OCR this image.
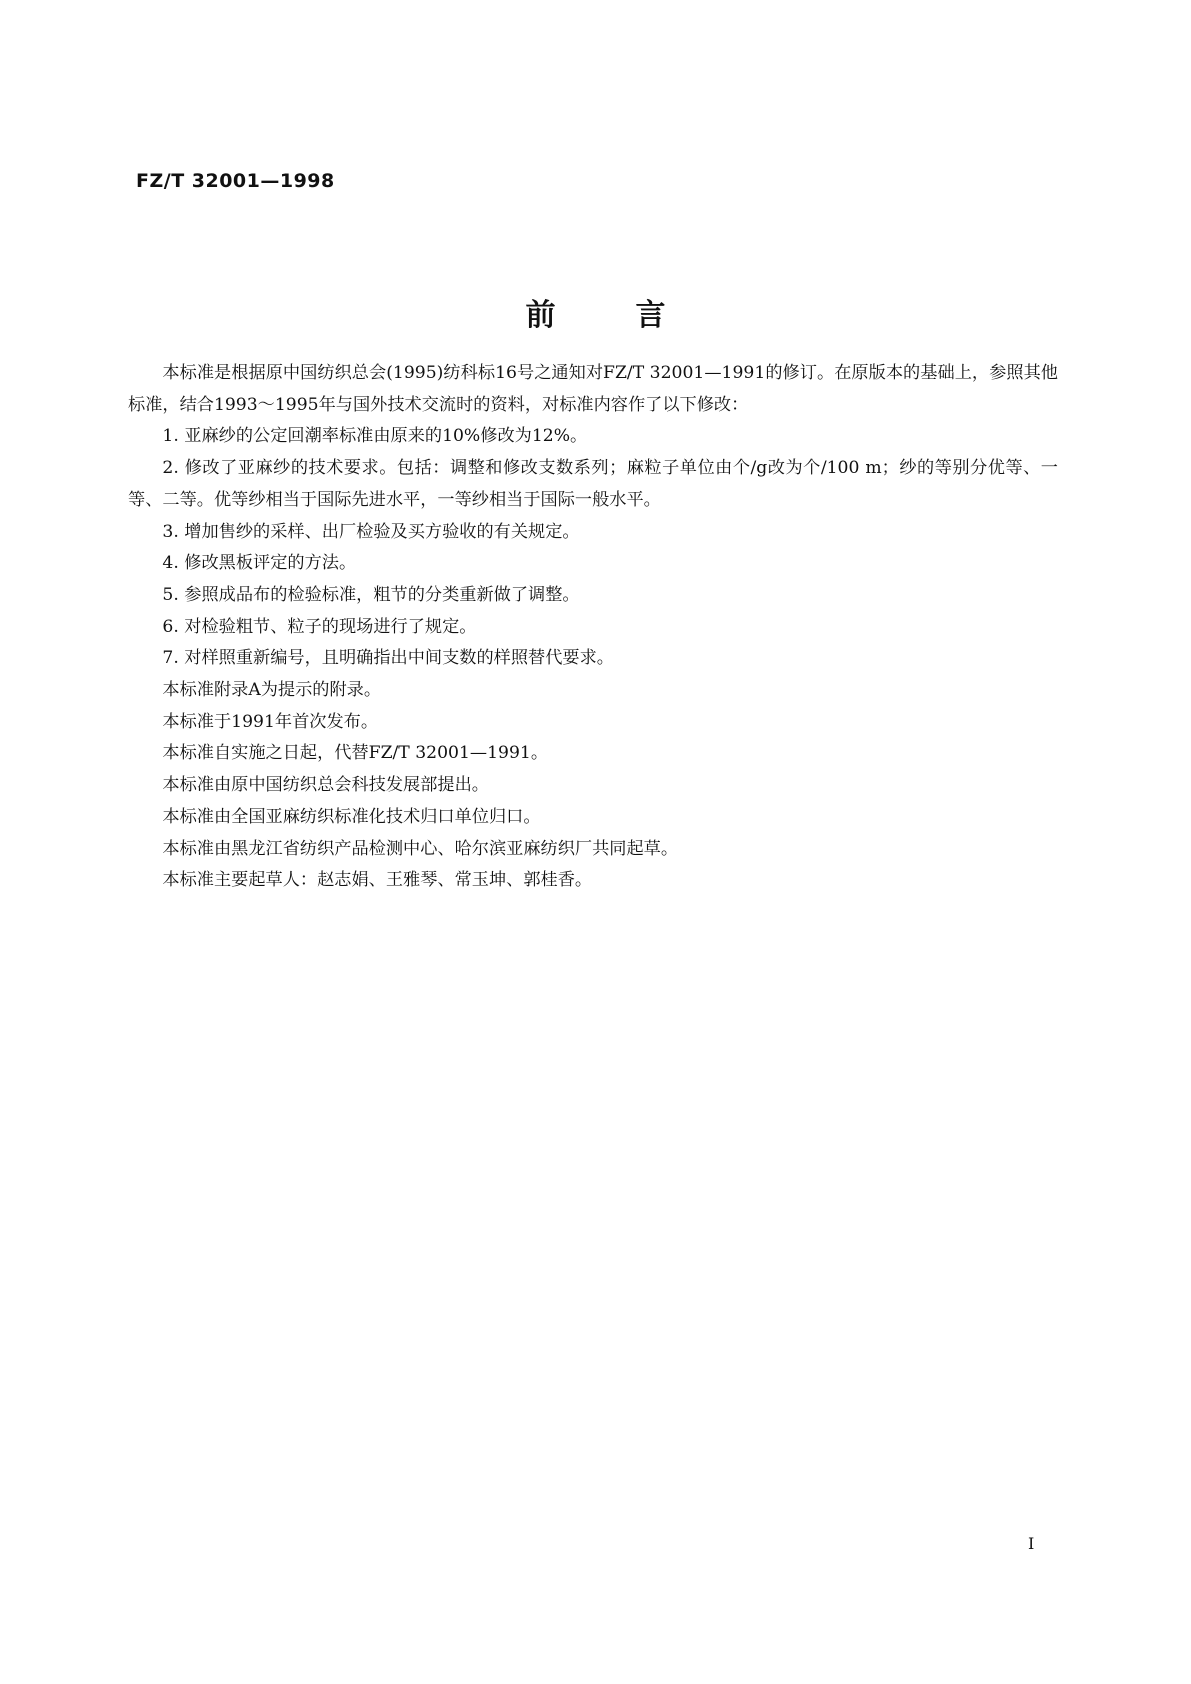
FZ/T 32001—1998
前言

本标准是根据原中国纺织总会(1995)纺科标16号之通知对FZ/T 32001—1991的修订。在原版本的基础上，参照其他标准，结合1993～1995年与国外技术交流时的资料，对标准内容作了以下修改：

1. 亚麻纱的公定回潮率标准由原来的10%修改为12%。

2. 修改了亚麻纱的技术要求。包括：调整和修改支数系列；麻粒子单位由个/g改为个/100 m；纱的等别分优等、一等、二等。优等纱相当于国际先进水平，一等纱相当于国际一般水平。

3. 增加售纱的采样、出厂检验及买方验收的有关规定。

4. 修改黑板评定的方法。

5. 参照成品布的检验标准，粗节的分类重新做了调整。

6. 对检验粗节、粒子的现场进行了规定。

7. 对样照重新编号，且明确指出中间支数的样照替代要求。

本标准附录A为提示的附录。

本标准于1991年首次发布。

本标准自实施之日起，代替FZ/T 32001—1991。

本标准由原中国纺织总会科技发展部提出。

本标准由全国亚麻纺织标准化技术归口单位归口。

本标准由黑龙江省纺织产品检测中心、哈尔滨亚麻纺织厂共同起草。

本标准主要起草人：赵志娟、王雅琴、常玉坤、郭桂香。

I
